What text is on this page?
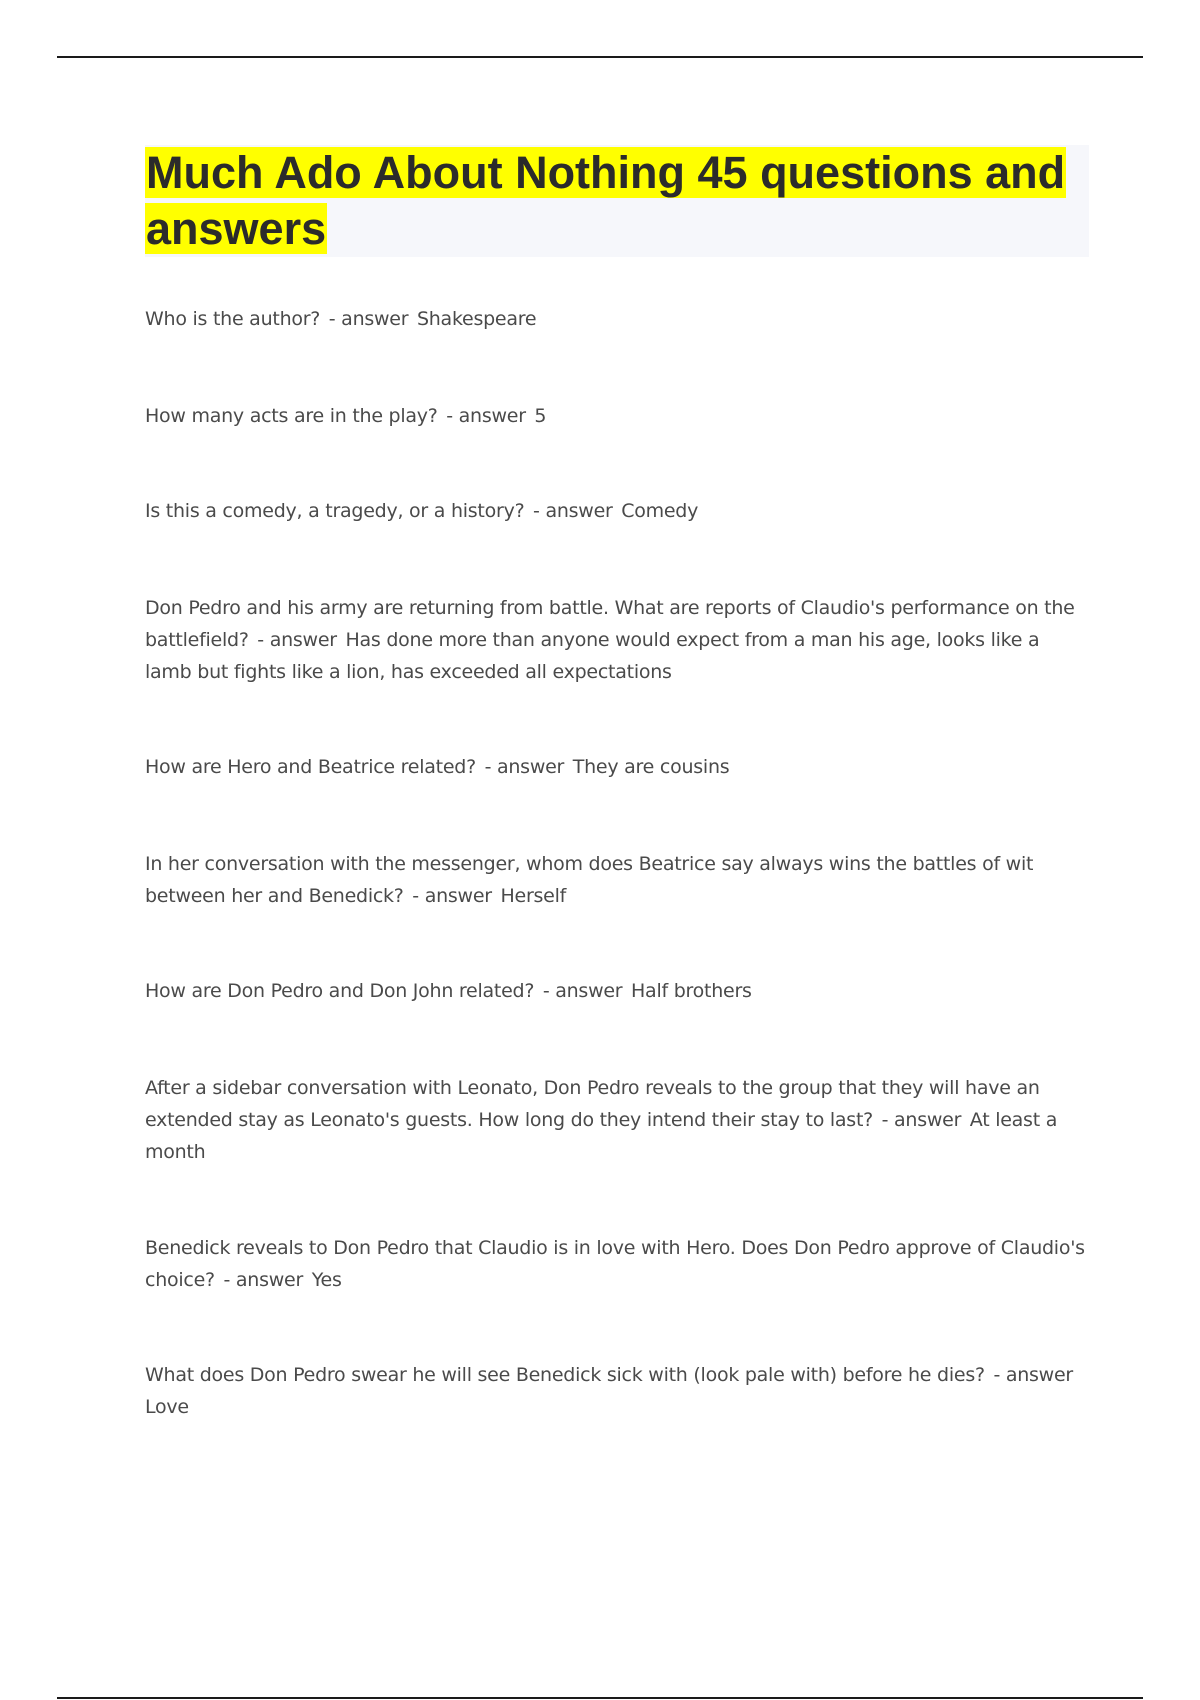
Much Ado About Nothing 45 questions and answers

Who is the author? - answer Shakespeare

How many acts are in the play? - answer 5

Is this a comedy, a tragedy, or a history? - answer Comedy

Don Pedro and his army are returning from battle. What are reports of Claudio's performance on the battlefield? - answer Has done more than anyone would expect from a man his age, looks like a lamb but fights like a lion, has exceeded all expectations

How are Hero and Beatrice related? - answer They are cousins

In her conversation with the messenger, whom does Beatrice say always wins the battles of wit between her and Benedick? - answer Herself

How are Don Pedro and Don John related? - answer Half brothers

After a sidebar conversation with Leonato, Don Pedro reveals to the group that they will have an extended stay as Leonato's guests. How long do they intend their stay to last? - answer At least a month

Benedick reveals to Don Pedro that Claudio is in love with Hero. Does Don Pedro approve of Claudio's choice? - answer Yes

What does Don Pedro swear he will see Benedick sick with (look pale with) before he dies? - answer Love
